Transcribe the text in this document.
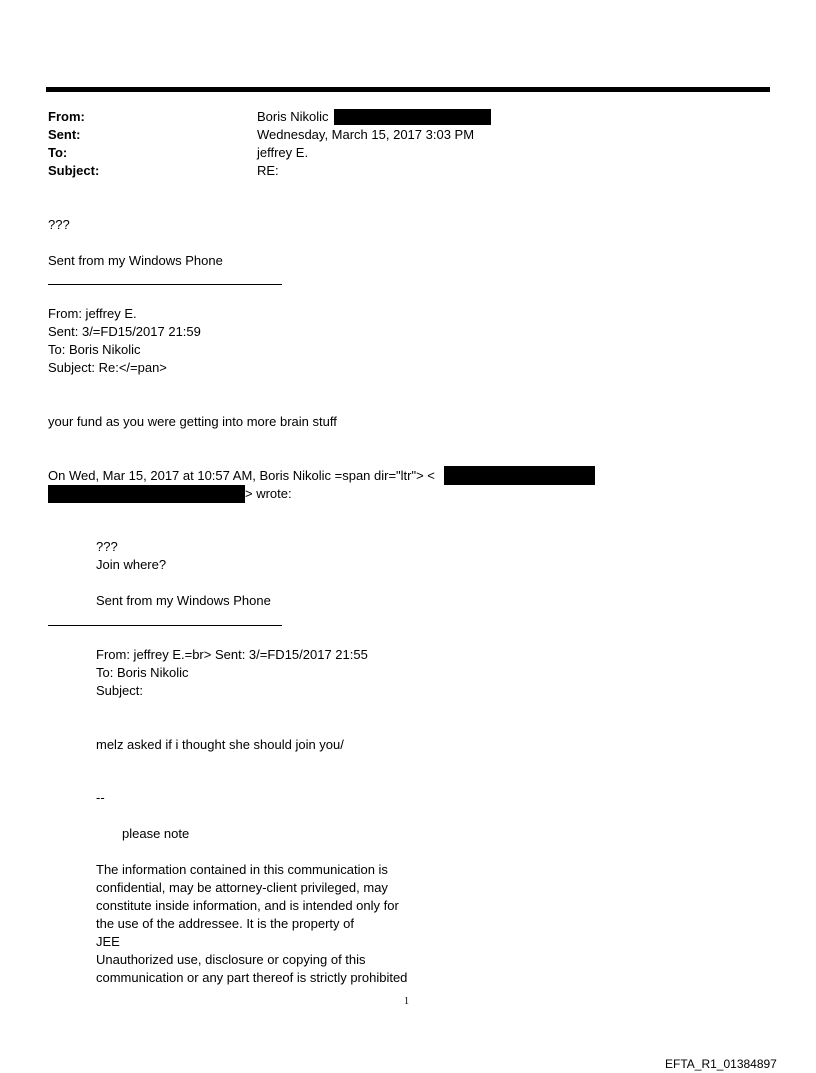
From:
Sent:
To:
Subject:
Boris Nikolic
Wednesday, March 15, 2017 3:03 PM
jeffrey E.
RE:
???
Sent from my Windows Phone
From: jeffrey E.
Sent: 3/=FD15/2017 21:59
To: Boris Nikolic
Subject: Re:</=pan>
your fund as you were getting into more brain stuff
On Wed, Mar 15, 2017 at 10:57 AM, Boris Nikolic =span dir="ltr"> <
> wrote:
???
Join where?
Sent from my Windows Phone
From: jeffrey E.=br> Sent: 3/=FD15/2017 21:55
To: Boris Nikolic
Subject:
melz asked if i thought she should join you/
--
please note
The information contained in this communication is
confidential, may be attorney-client privileged, may
constitute inside information, and is intended only for
the use of the addressee. It is the property of
JEE
Unauthorized use, disclosure or copying of this
communication or any part thereof is strictly prohibited
1
EFTA_R1_01384897
